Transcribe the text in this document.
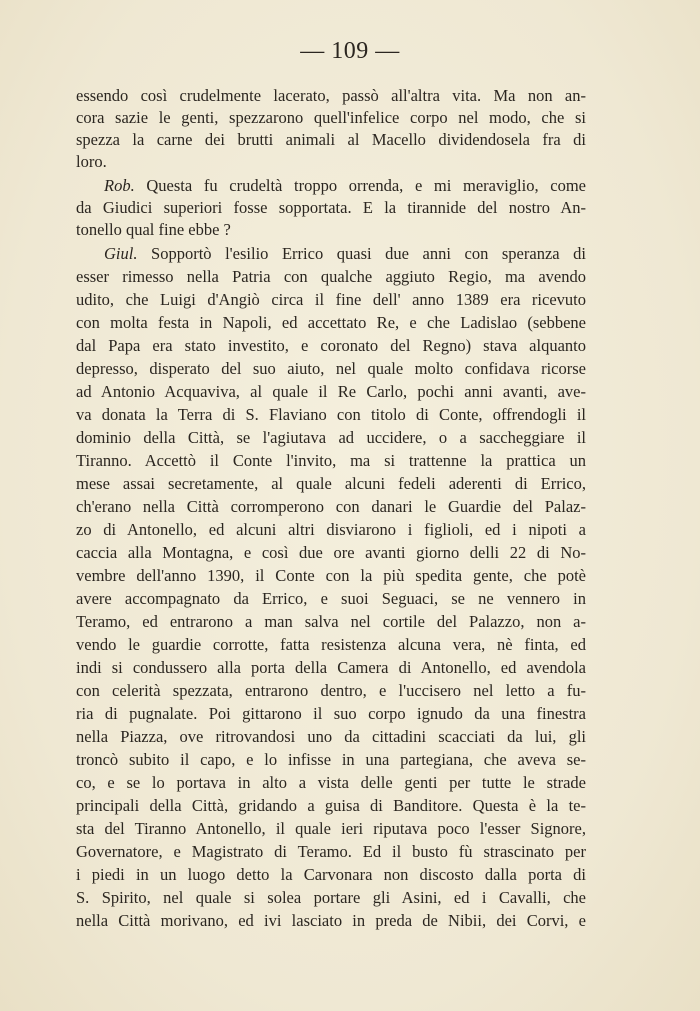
— 109 —
essendo così crudelmente lacerato, passò all'altra vita. Ma non an-
cora sazie le genti, spezzarono quell'infelice corpo nel modo, che si
spezza la carne dei brutti animali al Macello dividendosela fra di
loro.
Rob. Questa fu crudeltà troppo orrenda, e mi meraviglio, come
da Giudici superiori fosse sopportata. E la tirannide del nostro An-
tonello qual fine ebbe ?
Giul. Sopportò l'esilio Errico quasi due anni con speranza di
esser rimesso nella Patria con qualche aggiuto Regio, ma avendo
udito, che Luigi d'Angiò circa il fine dell' anno 1389 era ricevuto
con molta festa in Napoli, ed accettato Re, e che Ladislao (sebbene
dal Papa era stato investito, e coronato del Regno) stava alquanto
depresso, disperato del suo aiuto, nel quale molto confidava ricorse
ad Antonio Acquaviva, al quale il Re Carlo, pochi anni avanti, ave-
va donata la Terra di S. Flaviano con titolo di Conte, offrendogli il
dominio della Città, se l'agiutava ad uccidere, o a saccheggiare il
Tiranno. Accettò il Conte l'invito, ma si trattenne la prattica un
mese assai secretamente, al quale alcuni fedeli aderenti di Errico,
ch'erano nella Città corromperono con danari le Guardie del Palaz-
zo di Antonello, ed alcuni altri disviarono i figlioli, ed i nipoti a
caccia alla Montagna, e così due ore avanti giorno delli 22 di No-
vembre dell'anno 1390, il Conte con la più spedita gente, che potè
avere accompagnato da Errico, e suoi Seguaci, se ne vennero in
Teramo, ed entrarono a man salva nel cortile del Palazzo, non a-
vendo le guardie corrotte, fatta resistenza alcuna vera, nè finta, ed
indi si condussero alla porta della Camera di Antonello, ed avendola
con celerità spezzata, entrarono dentro, e l'uccisero nel letto a fu-
ria di pugnalate. Poi gittarono il suo corpo ignudo da una finestra
nella Piazza, ove ritrovandosi uno da cittadini scacciati da lui, gli
troncò subito il capo, e lo infisse in una partegiana, che aveva se-
co, e se lo portava in alto a vista delle genti per tutte le strade
principali della Città, gridando a guisa di Banditore. Questa è la te-
sta del Tiranno Antonello, il quale ieri riputava poco l'esser Signore,
Governatore, e Magistrato di Teramo. Ed il busto fù strascinato per
i piedi in un luogo detto la Carvonara non discosto dalla porta di
S. Spirito, nel quale si solea portare gli Asini, ed i Cavalli, che
nella Città morivano, ed ivi lasciato in preda de Nibii, dei Corvi, e
